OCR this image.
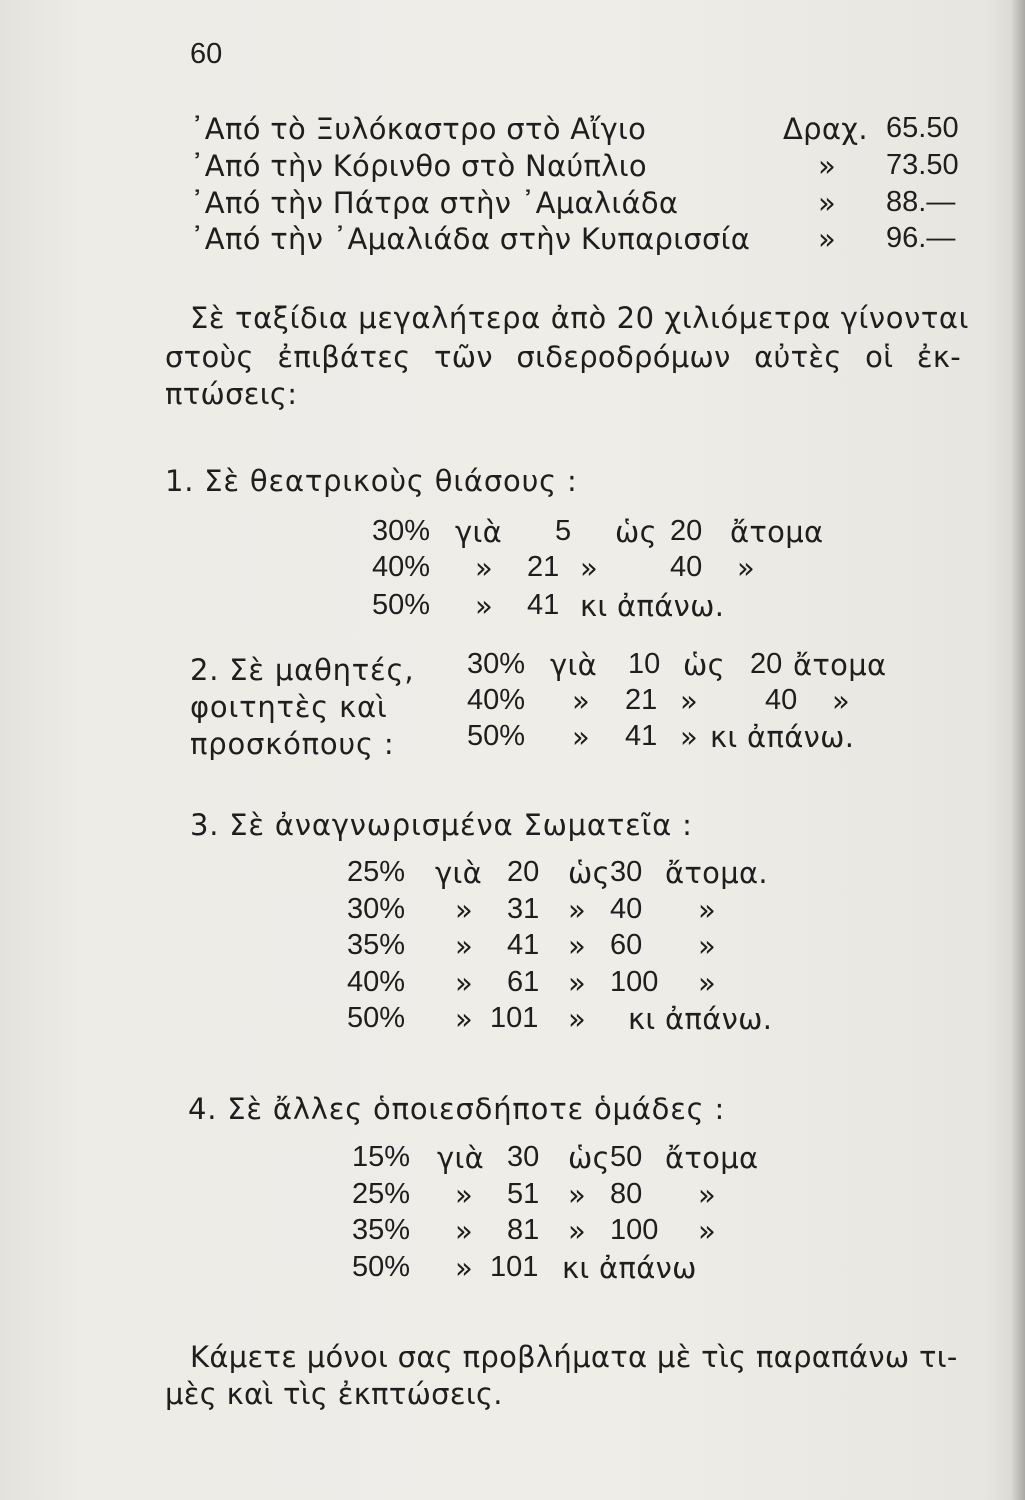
60
᾽Από τὸ Ξυλόκαστρο στὸ Αἴγιο	Δραχ. 65.50
᾽Από τὴν Κόρινθο στὸ Ναύπλιο	» 73.50
᾽Από τὴν Πάτρα στὴν ᾽Αμαλιάδα	» 88.—
᾽Από τὴν ᾽Αμαλιάδα στὴν Κυπαρισσία » 96.—
Σὲ ταξίδια μεγαλήτερα ἀπὸ 20 χιλιόμετρα γίνονται
στοὺς ἐπιβάτες τῶν σιδεροδρόμων αὐτὲς οἱ ἐκ-
πτώσεις:
1. Σὲ θεατρικοὺς θιάσους :
30% γιὰ 5 ὡς 20 ἄτομα
40% » 21 » 40 »
50% » 41 κι ἀπάνω.
2. Σὲ μαθητές,
φοιτητὲς καὶ
προσκόπους :
30% γιὰ 10 ὡς 20 ἄτομα
40% » 21 » 40 »
50% » 41 » κι ἀπάνω.
3. Σὲ ἀναγνωρισμένα Σωματεῖα :
25% γιὰ 20 ὡς 30 ἄτομα.
30% » 31 » 40 »
35% » 41 » 60 »
40% » 61 » 100 »
50% » 101 » κι ἀπάνω.
4. Σὲ ἄλλες ὁποιεσδήποτε ὁμάδες :
15% γιὰ 30 ὡς 50 ἄτομα
25% » 51 » 80 »
35% » 81 » 100 »
50% » 101 κι ἀπάνω
Κάμετε μόνοι σας προβλήματα μὲ τὶς παραπάνω τι-
μὲς καὶ τὶς ἐκπτώσεις.
